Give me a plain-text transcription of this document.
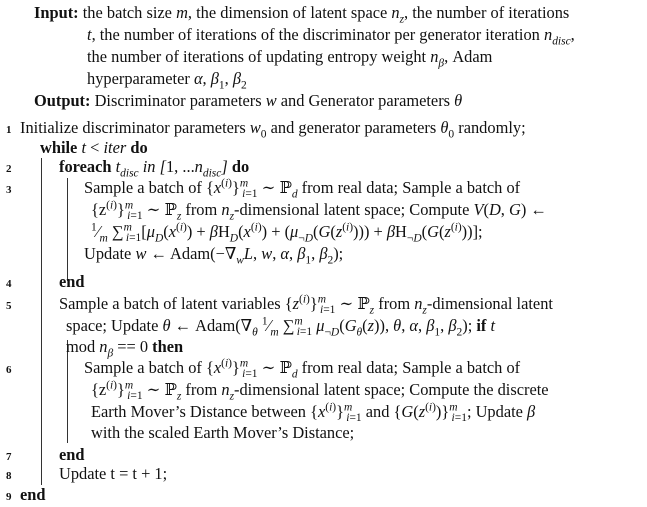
Input: the batch size m, the dimension of latent space $n_z$, the number of iterations
t, the number of iterations of the discriminator per generator iteration $n_{disc}$,
the number of iterations of updating entropy weight $n_\beta$, Adam
hyperparameter α, $\beta_1$, $\beta_2$
Output: Discriminator parameters w and Generator parameters θ
1 Initialize discriminator parameters $w_0$ and generator parameters $\theta_0$ randomly;
while t < iter do
2	foreach $t_{disc}$ in [1, $...n_{disc}$] do
3	Sample a batch of $\{x^{(i)}\}^m_{i=1}$ ∼ ℙ$_d$ from real data; Sample a batch of
$\{z^{(i)}\}^m_{i=1}$ ∼ ℙ$_z$ from $n_z$-dimensional latent space; Compute V(D, G) ←
$^1⁄_m$ $\sum^m_{i=1}[\mu_D(x^{(i)}) + \beta H_D(x^{(i)}) + (\mu_{\neg D}(G(z^{(i)}))) + \beta H_{\neg D}(G(z^{(i)}))]$;
Update w ← $Adam(-\nabla_wL$, w, α, $\beta_1$, $\beta_2$);
4	end
5	Sample a batch of latent variables $\{z^{(i)}\}^m_{i=1}$ ∼ ℙ$_z$ from $n_z$-dimensional latent
space; Update θ ← $Adam(\nabla_\theta$ $^1⁄_m$ ∑$^m_{i=1}$ $\mu_{\neg D}(G_\theta(z))$, θ, α, $\beta_1$, $\beta_2$); if t
mod $n_\beta == 0$ then
6	Sample a batch of $\{x^{(i)}\}^m_{i=1}$ ∼ ℙ$_d$ from real data; Sample a batch of
$\{z^{(i)}\}^m_{i=1}$ ∼ ℙ$_z$ from $n_z$-dimensional latent space; Compute the discrete
Earth Mover’s Distance between $\{x^{(i)}\}^m_{i=1}$ and $\{G(z^{(i)})\}^m_{i=1}$; Update β
with the scaled Earth Mover’s Distance;
7	end
8	Update t = t + 1;
9 end
